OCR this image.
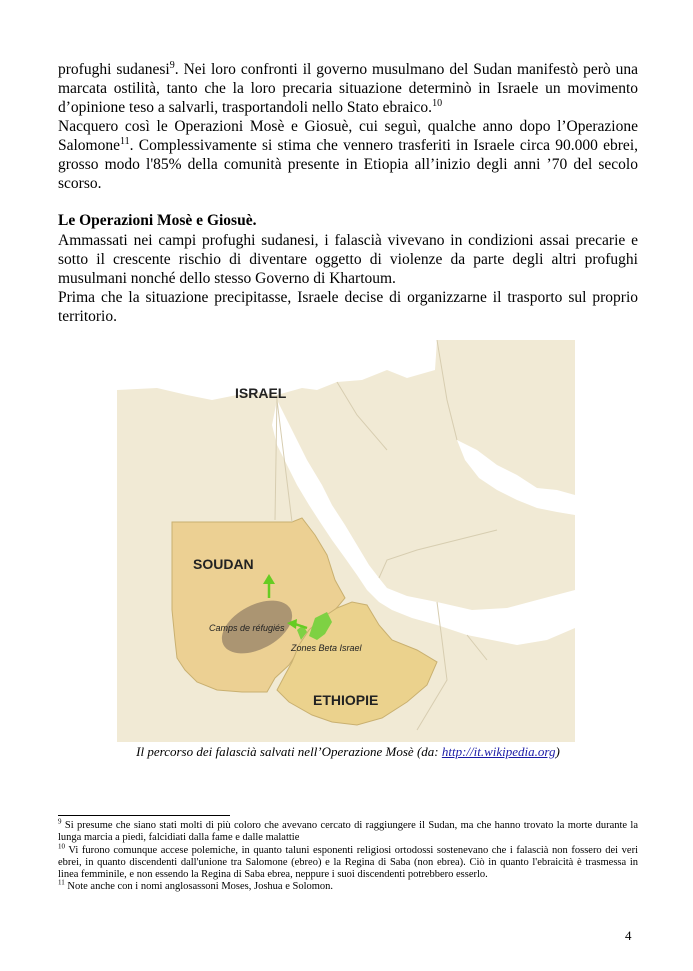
profughi sudanesi$^9$. Nei loro confronti il governo musulmano del Sudan manifestò però una marcata ostilità, tanto che la loro precaria situazione determinò in Israele un movimento d’opinione teso a salvarli, trasportandoli nello Stato ebraico.$^{10}$

Nacquero così le Operazioni Mosè e Giosuè, cui seguì, qualche anno dopo l’Operazione Salomone$^{11}$. Complessivamente si stima che vennero trasferiti in Israele circa 90.000 ebrei, grosso modo l'85% della comunità presente in Etiopia all’inizio degli anni ’70 del secolo scorso.

Le Operazioni Mosè e Giosuè.

Ammassati nei campi profughi sudanesi, i falascià vivevano in condizioni assai precarie e sotto il crescente rischio di diventare oggetto di violenze da parte degli altri profughi musulmani nonché dello stesso Governo di Khartoum.

Prima che la situazione precipitasse, Israele decise di organizzarne il trasporto sul proprio territorio.

ISRAEL
SOUDAN
ETHIOPIE
Camps de réfugiés
Zones Beta Israel
Il percorso dei falascià salvati nell’Operazione Mosè (da: http://it.wikipedia.org)

$^9$ Si presume che siano stati molti di più coloro che avevano cercato di raggiungere il Sudan, ma che hanno trovato la morte durante la lunga marcia a piedi, falcidiati dalla fame e dalle malattie

$^{10}$ Vi furono comunque accese polemiche, in quanto taluni esponenti religiosi ortodossi sostenevano che i falascià non fossero dei veri ebrei, in quanto discendenti dall'unione tra Salomone (ebreo) e la Regina di Saba (non ebrea). Ciò in quanto l'ebraicità è trasmessa in linea femminile, e non essendo la Regina di Saba ebrea, neppure i suoi discendenti potrebbero esserlo.

$^{11}$ Note anche con i nomi anglosassoni Moses, Joshua e Solomon.

4
